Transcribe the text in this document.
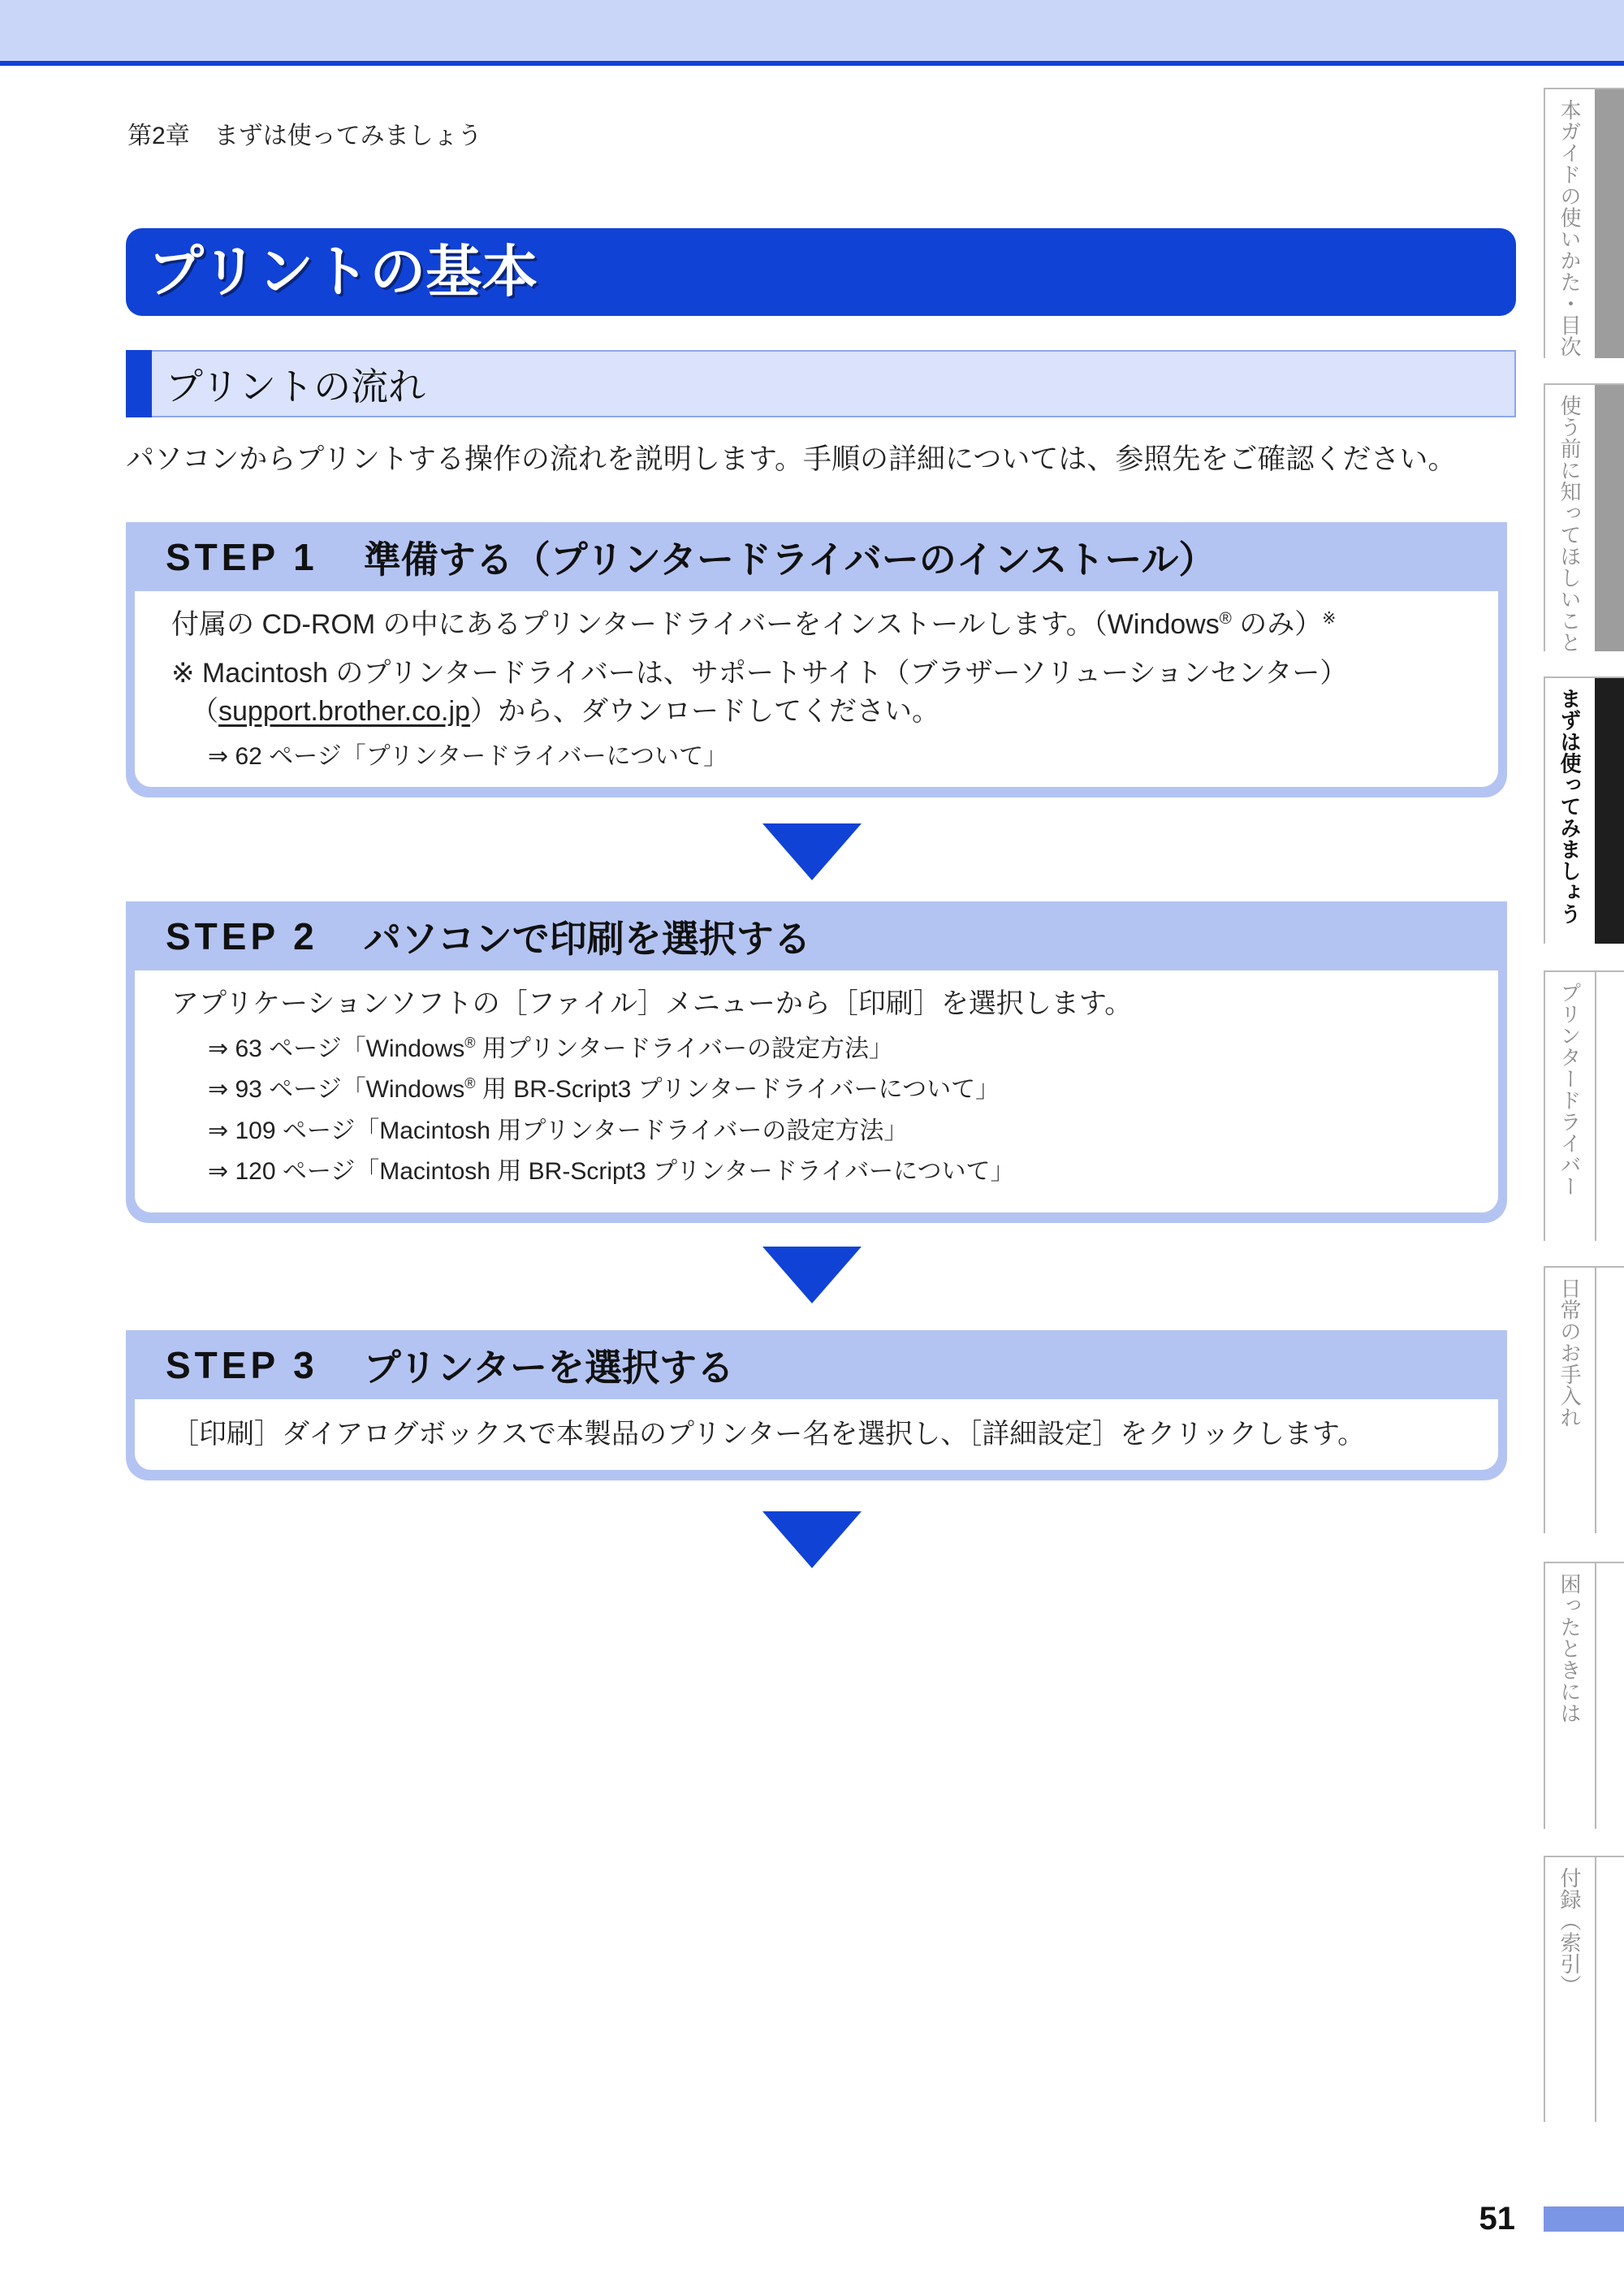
第2章　まずは使ってみましょう
プリントの基本
プリントの流れ
パソコンからプリントする操作の流れを説明します。手順の詳細については、参照先をご確認ください。
STEP 1 準備する（プリンタードライバーのインストール）
付属の CD-ROM の中にあるプリンタードライバーをインストールします。（Windows® のみ）※
※ Macintosh のプリンタードライバーは、サポートサイト（ブラザーソリューションセンター）
（support.brother.co.jp）から、ダウンロードしてください。
⇒ 62 ページ「プリンタードライバーについて」
STEP 2 パソコンで印刷を選択する
アプリケーションソフトの［ファイル］メニューから［印刷］を選択します。
⇒ 63 ページ「Windows® 用プリンタードライバーの設定方法」
⇒ 93 ページ「Windows® 用 BR-Script3 プリンタードライバーについて」
⇒ 109 ページ「Macintosh 用プリンタードライバーの設定方法」
⇒ 120 ページ「Macintosh 用 BR-Script3 プリンタードライバーについて」
STEP 3 プリンターを選択する
［印刷］ダイアログボックスで本製品のプリンター名を選択し、［詳細設定］をクリックします。
本ガイドの使いかた・目次
使う前に知ってほしいこと
まずは使ってみましょう
プリンタードライバー
日常のお手入れ
困ったときには
付録（索引）
51
